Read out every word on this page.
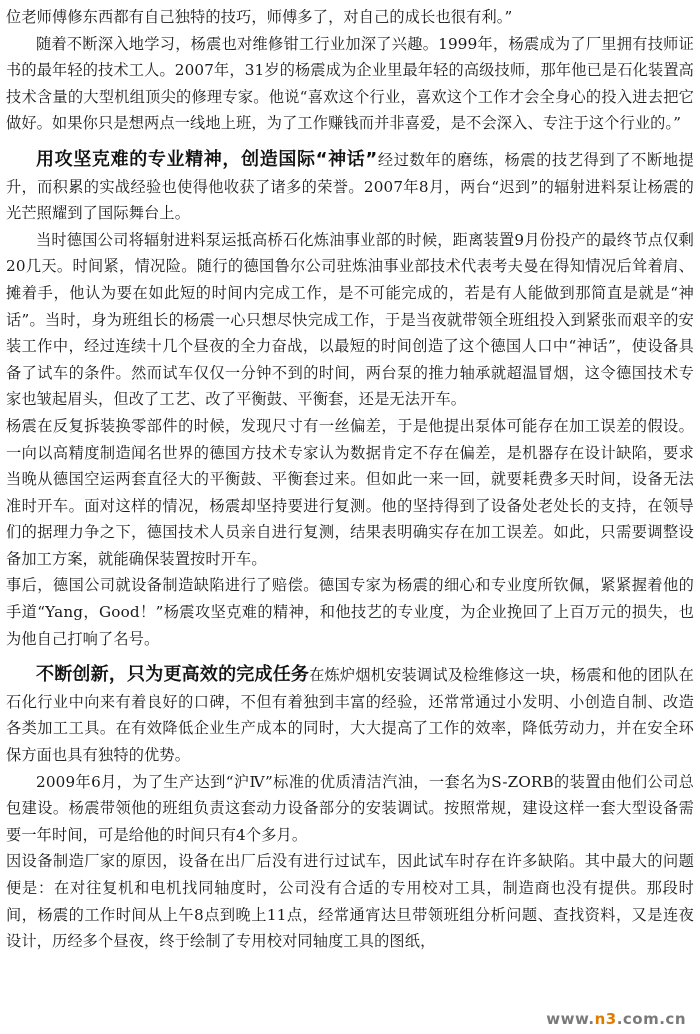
位老师傅修东西都有自己独特的技巧，师傅多了，对自己的成长也很有利。”

随着不断深入地学习，杨震也对维修钳工行业加深了兴趣。1999年，杨震成为了厂里拥有技师证书的最年轻的技术工人。2007年，31岁的杨震成为企业里最年轻的高级技师，那年他已是石化装置高技术含量的大型机组顶尖的修理专家。他说“喜欢这个行业，喜欢这个工作才会全身心的投入进去把它做好。如果你只是想两点一线地上班，为了工作赚钱而并非喜爱，是不会深入、专注于这个行业的。”

用攻坚克难的专业精神，创造国际“神话”经过数年的磨练，杨震的技艺得到了不断地提升，而积累的实战经验也使得他收获了诸多的荣誉。2007年8月，两台“迟到”的辐射进料泵让杨震的光芒照耀到了国际舞台上。

当时德国公司将辐射进料泵运抵高桥石化炼油事业部的时候，距离装置9月份投产的最终节点仅剩20几天。时间紧，情况险。随行的德国鲁尔公司驻炼油事业部技术代表考夫曼在得知情况后耸着肩、摊着手，他认为要在如此短的时间内完成工作，是不可能完成的，若是有人能做到那简直是就是“神话”。当时，身为班组长的杨震一心只想尽快完成工作，于是当夜就带领全班组投入到紧张而艰辛的安装工作中，经过连续十几个昼夜的全力奋战，以最短的时间创造了这个德国人口中“神话”，使设备具备了试车的条件。然而试车仅仅一分钟不到的时间，两台泵的推力轴承就超温冒烟，这令德国技术专家也皱起眉头，但改了工艺、改了平衡鼓、平衡套，还是无法开车。

杨震在反复拆装换零部件的时候，发现尺寸有一丝偏差，于是他提出泵体可能存在加工误差的假设。一向以高精度制造闻名世界的德国方技术专家认为数据肯定不存在偏差，是机器存在设计缺陷，要求当晚从德国空运两套直径大的平衡鼓、平衡套过来。但如此一来一回，就要耗费多天时间，设备无法准时开车。面对这样的情况，杨震却坚持要进行复测。他的坚持得到了设备处老处长的支持，在领导们的据理力争之下，德国技术人员亲自进行复测，结果表明确实存在加工误差。如此，只需要调整设备加工方案，就能确保装置按时开车。

事后，德国公司就设备制造缺陷进行了赔偿。德国专家为杨震的细心和专业度所钦佩，紧紧握着他的手道“Yang，Good！”杨震攻坚克难的精神，和他技艺的专业度，为企业挽回了上百万元的损失，也为他自己打响了名号。

不断创新，只为更高效的完成任务在炼炉烟机安装调试及检维修这一块，杨震和他的团队在石化行业中向来有着良好的口碑，不但有着独到丰富的经验，还常常通过小发明、小创造自制、改造各类加工工具。在有效降低企业生产成本的同时，大大提高了工作的效率，降低劳动力，并在安全环保方面也具有独特的优势。

2009年6月，为了生产达到“沪Ⅳ”标准的优质清洁汽油，一套名为S-ZORB的装置由他们公司总包建设。杨震带领他的班组负责这套动力设备部分的安装调试。按照常规，建设这样一套大型设备需要一年时间，可是给他的时间只有4个多月。

因设备制造厂家的原因，设备在出厂后没有进行过试车，因此试车时存在许多缺陷。其中最大的问题便是：在对往复机和电机找同轴度时，公司没有合适的专用校对工具，制造商也没有提供。那段时间，杨震的工作时间从上午8点到晚上11点，经常通宵达旦带领班组分析问题、查找资料，又是连夜设计，历经多个昼夜，终于绘制了专用校对同轴度工具的图纸，

www.n3.com.cn
